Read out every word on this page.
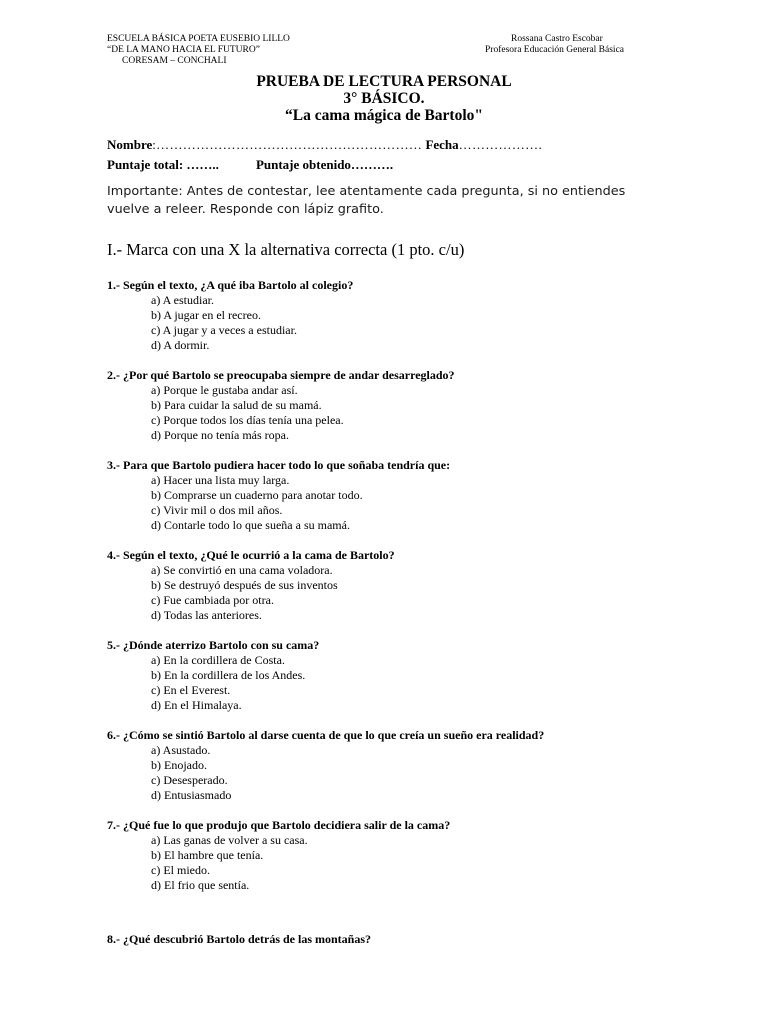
ESCUELA BÁSICA POETA EUSEBIO LILLO
“DE LA MANO HACIA EL FUTURO”
CORESAM – CONCHALI
Rossana Castro Escobar
Profesora Educación General Básica
PRUEBA DE LECTURA PERSONAL
3° BÁSICO.
“La cama mágica de Bartolo"
Nombre:…………………………………………………… Fecha……………….
Puntaje total: ……..	Puntaje obtenido……….
Importante: Antes de contestar, lee atentamente cada pregunta, si no entiendes vuelve a releer. Responde con lápiz grafito.
I.- Marca con una X la alternativa correcta (1 pto. c/u)
1.- Según el texto, ¿A qué iba Bartolo al colegio?
a) A estudiar.
b) A jugar en el recreo.
c) A jugar y a veces a estudiar.
d) A dormir.
2.- ¿Por qué Bartolo se preocupaba siempre de andar desarreglado?
a) Porque le gustaba andar así.
b) Para cuidar la salud de su mamá.
c) Porque todos los días tenía una pelea.
d) Porque no tenía más ropa.
3.- Para que Bartolo pudiera hacer todo lo que soñaba tendría que:
a) Hacer una lista muy larga.
b) Comprarse un cuaderno para anotar todo.
c) Vivir mil o dos mil años.
d) Contarle todo lo que sueña a su mamá.
4.- Según el texto, ¿Qué le ocurrió a la cama de Bartolo?
a) Se convirtió en una cama voladora.
b) Se destruyó después de sus inventos
c) Fue cambiada por otra.
d) Todas las anteriores.
5.- ¿Dónde aterrizo Bartolo con su cama?
a) En la cordillera de Costa.
b) En la cordillera de los Andes.
c) En el Everest.
d) En el Himalaya.
6.- ¿Cómo se sintió Bartolo al darse cuenta de que lo que creía un sueño era realidad?
a) Asustado.
b) Enojado.
c) Desesperado.
d) Entusiasmado
7.- ¿Qué fue lo que produjo que Bartolo decidiera salir de la cama?
a) Las ganas de volver a su casa.
b) El hambre que tenía.
c) El miedo.
d) El frio que sentía.
8.- ¿Qué descubrió Bartolo detrás de las montañas?
